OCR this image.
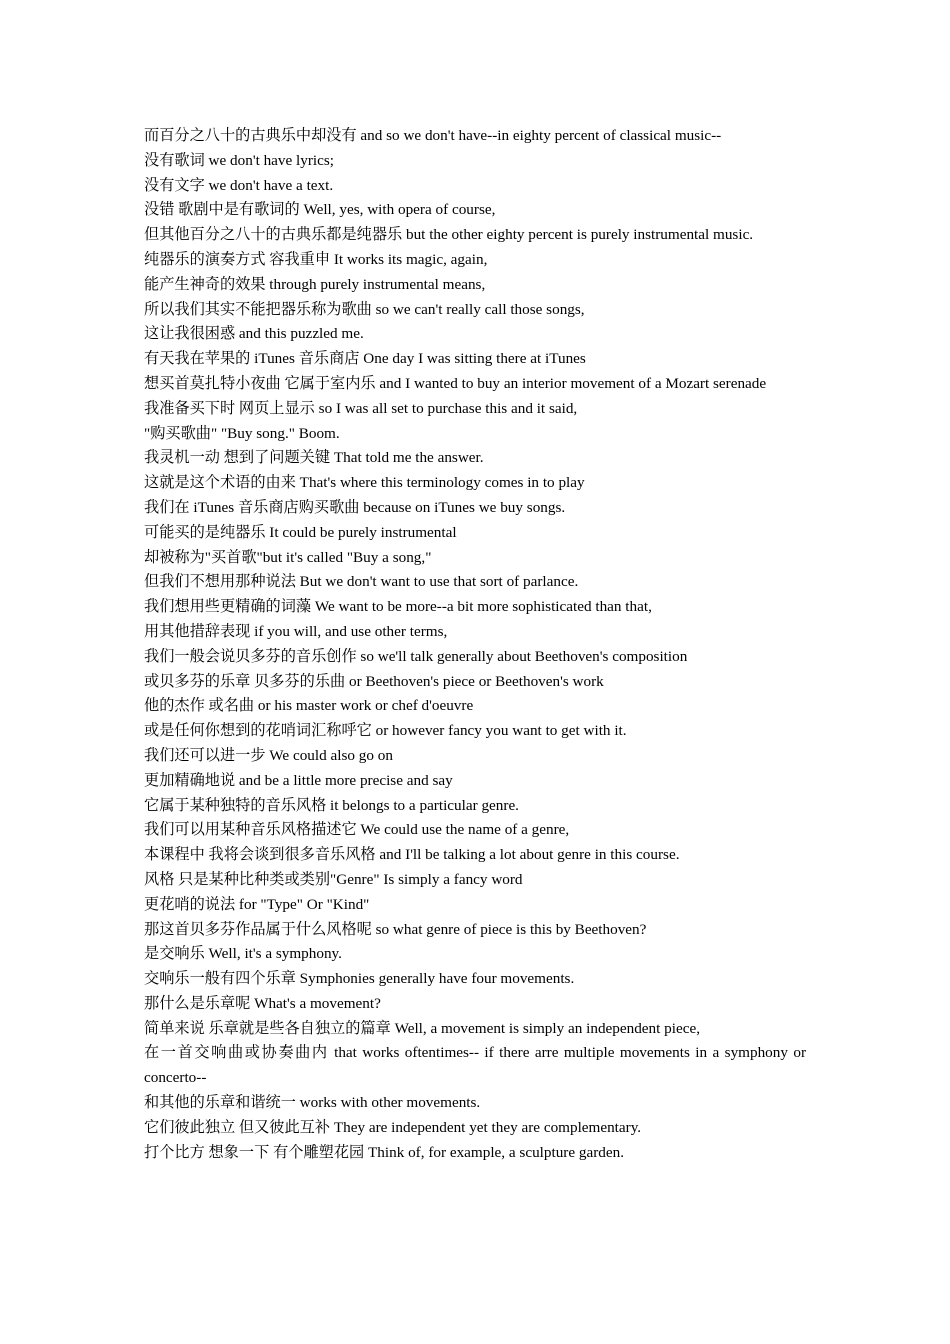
而百分之八十的古典乐中却没有 and so we don't have--in eighty percent of classical music--

没有歌词 we don't have lyrics;

没有文字 we don't have a text.

没错 歌剧中是有歌词的 Well, yes, with opera of course,

但其他百分之八十的古典乐都是纯器乐 but the other eighty percent is purely instrumental music.

纯器乐的演奏方式 容我重申 It works its magic, again,

能产生神奇的效果 through purely instrumental means,

所以我们其实不能把器乐称为歌曲 so we can't really call those songs,

这让我很困惑 and this puzzled me.

有天我在苹果的 iTunes 音乐商店 One day I was sitting there at iTunes

想买首莫扎特小夜曲 它属于室内乐 and I wanted to buy an interior movement of a Mozart serenade

我准备买下时 网页上显示 so I was all set to purchase this and it said,

"购买歌曲" "Buy song." Boom.

我灵机一动 想到了问题关键 That told me the answer.

这就是这个术语的由来 That's where this terminology comes in to play

我们在 iTunes 音乐商店购买歌曲 because on iTunes we buy songs.

可能买的是纯器乐 It could be purely instrumental

却被称为"买首歌"but it's called "Buy a song,"

但我们不想用那种说法 But we don't want to use that sort of parlance.

我们想用些更精确的词藻 We want to be more--a bit more sophisticated than that,

用其他措辞表现 if you will, and use other terms,

我们一般会说贝多芬的音乐创作 so we'll talk generally about Beethoven's composition

或贝多芬的乐章 贝多芬的乐曲 or Beethoven's piece or Beethoven's work

他的杰作 或名曲 or his master work or chef d'oeuvre

或是任何你想到的花哨词汇称呼它 or however fancy you want to get with it.

我们还可以进一步 We could also go on

更加精确地说 and be a little more precise and say

它属于某种独特的音乐风格 it belongs to a particular genre.

我们可以用某种音乐风格描述它 We could use the name of a genre,

本课程中 我将会谈到很多音乐风格 and I'll be talking a lot about genre in this course.

风格 只是某种比种类或类别"Genre" Is simply a fancy word

更花哨的说法 for "Type" Or "Kind"

那这首贝多芬作品属于什么风格呢 so what genre of piece is this by Beethoven?

是交响乐 Well, it's a symphony.

交响乐一般有四个乐章 Symphonies generally have four movements.

那什么是乐章呢 What's a movement?

简单来说 乐章就是些各自独立的篇章 Well, a movement is simply an independent piece,

在一首交响曲或协奏曲内 that works oftentimes-- if there arre multiple movements in a symphony or concerto--

和其他的乐章和谐统一 works with other movements.

它们彼此独立 但又彼此互补 They are independent yet they are complementary.

打个比方 想象一下 有个雕塑花园 Think of, for example, a sculpture garden.
